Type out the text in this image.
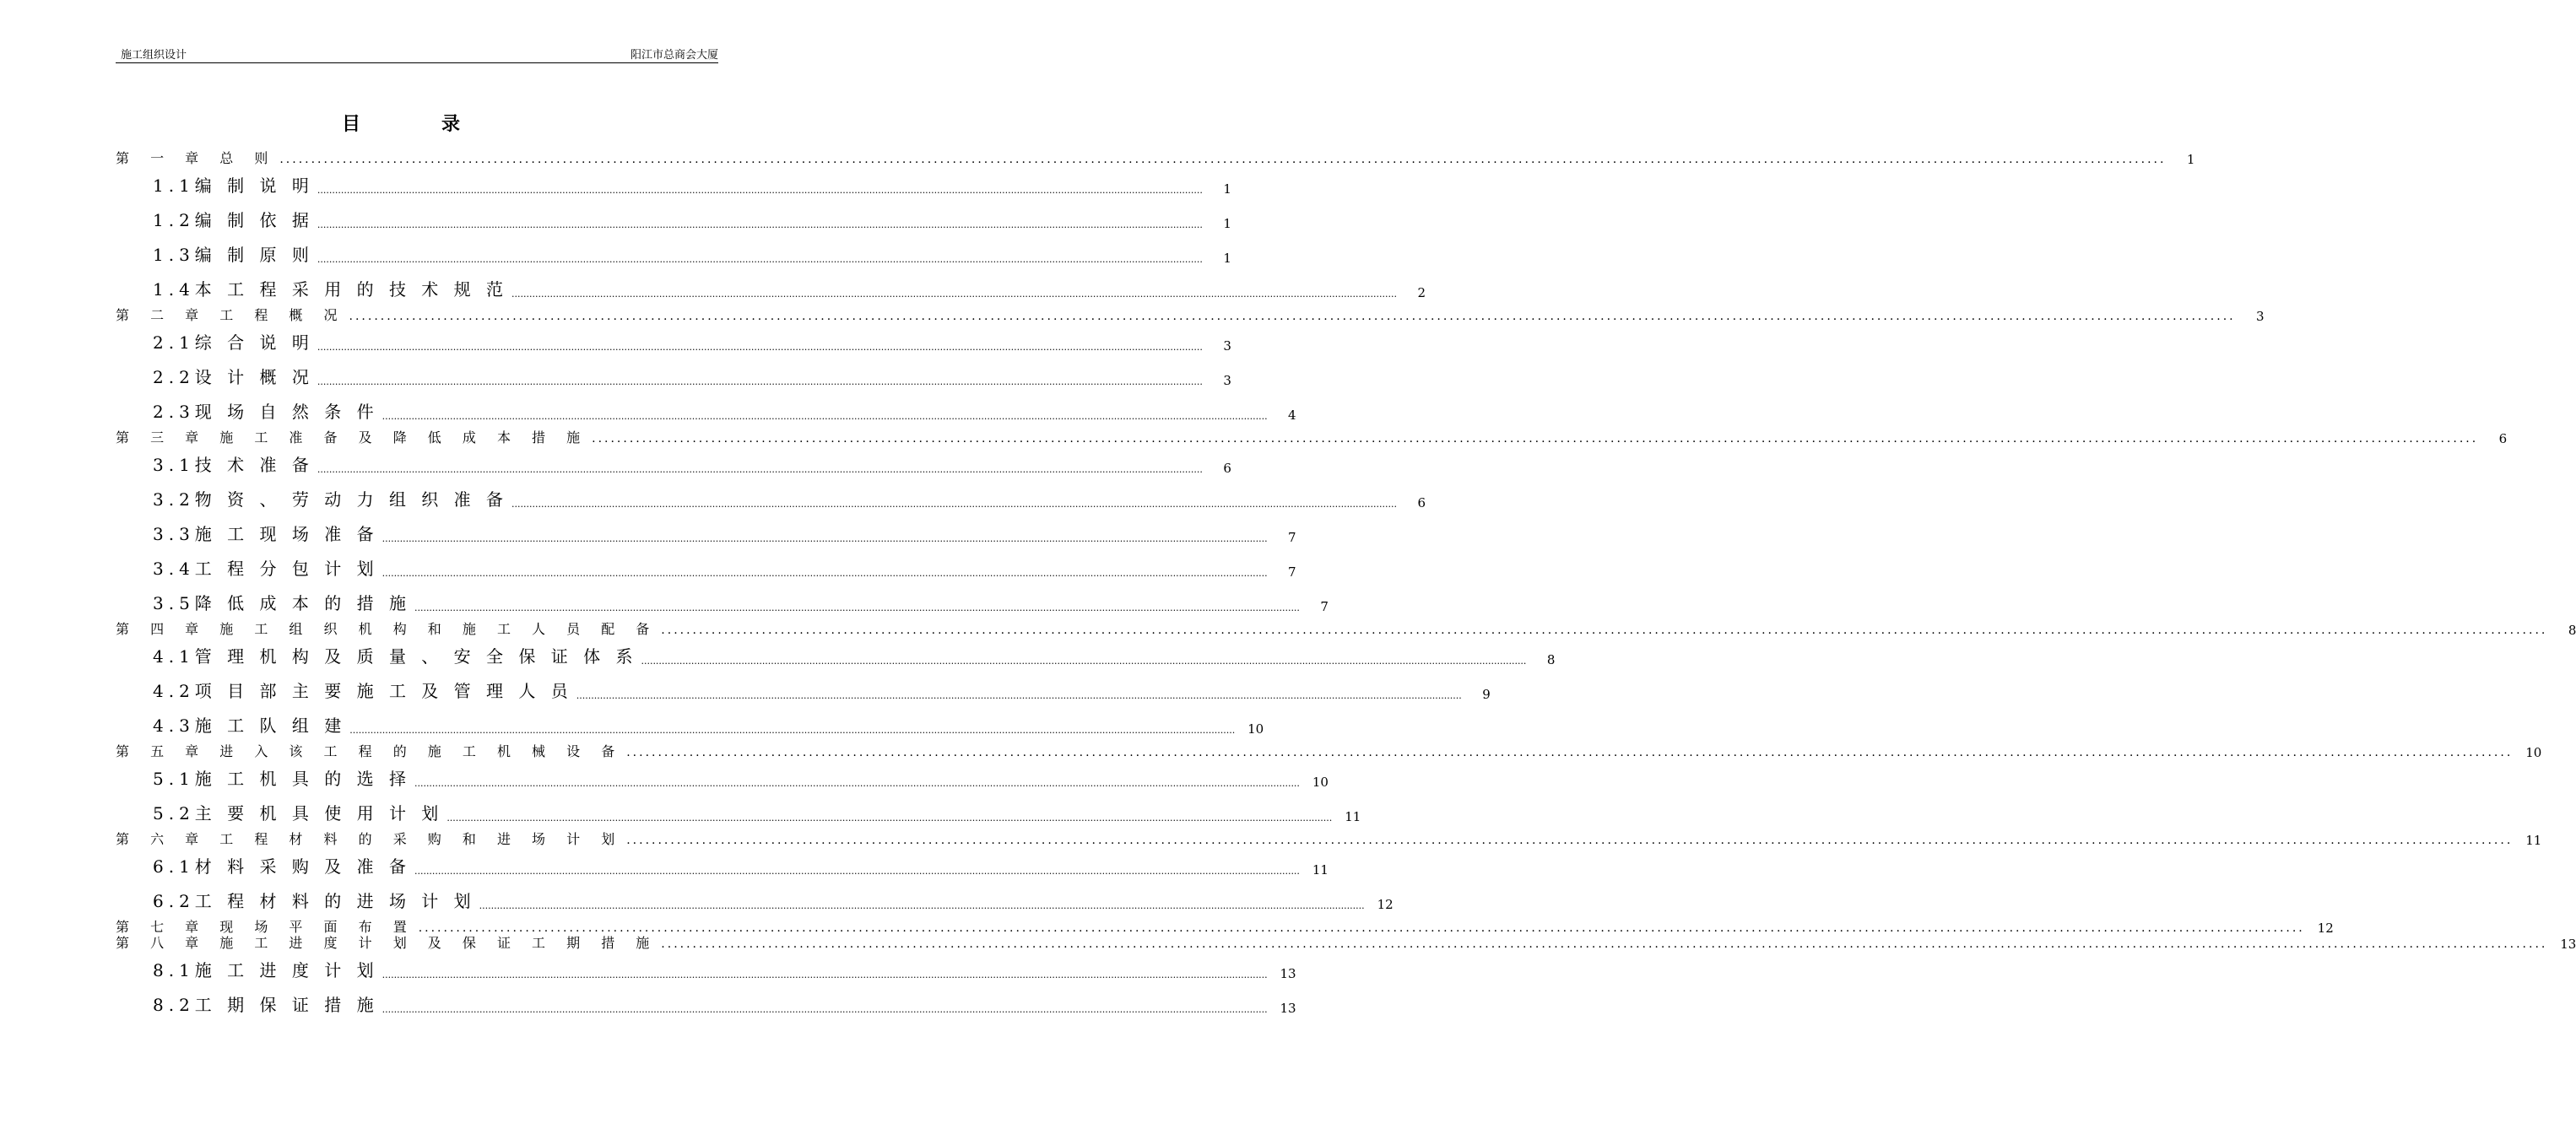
施工组织设计	阳江市总商会大厦
目	录
第 一 章 总 则 ............................................................................................................................................................................................................................................................................................................	1
1.1编 制 说 明 ............................................................................................................................................................................................................................................................................................................	1
1.2编 制 依 据 ............................................................................................................................................................................................................................................................................................................	1
1.3编 制 原 则 ............................................................................................................................................................................................................................................................................................................	1
1.4本 工 程 采 用 的 技 术 规 范 ............................................................................................................................................................................................................................................................................................................	2
第 二 章 工 程 概 况 ............................................................................................................................................................................................................................................................................................................	3
2.1综 合 说 明 ............................................................................................................................................................................................................................................................................................................	3
2.2设 计 概 况 ............................................................................................................................................................................................................................................................................................................	3
2.3现 场 自 然 条 件 ............................................................................................................................................................................................................................................................................................................	4
第 三 章 施 工 准 备 及 降 低 成 本 措 施 ............................................................................................................................................................................................................................................................................................................	6
3.1技 术 准 备 ............................................................................................................................................................................................................................................................................................................	6
3.2物 资 、 劳 动 力 组 织 准 备 ............................................................................................................................................................................................................................................................................................................	6
3.3施 工 现 场 准 备 ............................................................................................................................................................................................................................................................................................................	7
3.4工 程 分 包 计 划 ............................................................................................................................................................................................................................................................................................................	7
3.5降 低 成 本 的 措 施 ............................................................................................................................................................................................................................................................................................................	7
第 四 章 施 工 组 织 机 构 和 施 工 人 员 配 备 ............................................................................................................................................................................................................................................................................................................	8
4.1管 理 机 构 及 质 量 、 安 全 保 证 体 系 ............................................................................................................................................................................................................................................................................................................	8
4.2项 目 部 主 要 施 工 及 管 理 人 员 ............................................................................................................................................................................................................................................................................................................	9
4.3施 工 队 组 建 ............................................................................................................................................................................................................................................................................................................ 10
第 五 章 进 入 该 工 程 的 施 工 机 械 设 备 ............................................................................................................................................................................................................................................................................................................ 10
5.1施 工 机 具 的 选 择 ............................................................................................................................................................................................................................................................................................................ 10
5.2主 要 机 具 使 用 计 划 ............................................................................................................................................................................................................................................................................................................ 11
第 六 章 工 程 材 料 的 采 购 和 进 场 计 划 ............................................................................................................................................................................................................................................................................................................ 11
6.1材 料 采 购 及 准 备 ............................................................................................................................................................................................................................................................................................................ 11
6.2工 程 材 料 的 进 场 计 划 ............................................................................................................................................................................................................................................................................................................ 12
第 七 章 现 场 平 面 布 置 ............................................................................................................................................................................................................................................................................................................ 12
第 八 章 施 工 进 度 计 划 及 保 证 工 期 措 施 ............................................................................................................................................................................................................................................................................................................ 13
8.1施 工 进 度 计 划 ............................................................................................................................................................................................................................................................................................................ 13
8.2工 期 保 证 措 施 ............................................................................................................................................................................................................................................................................................................ 13
